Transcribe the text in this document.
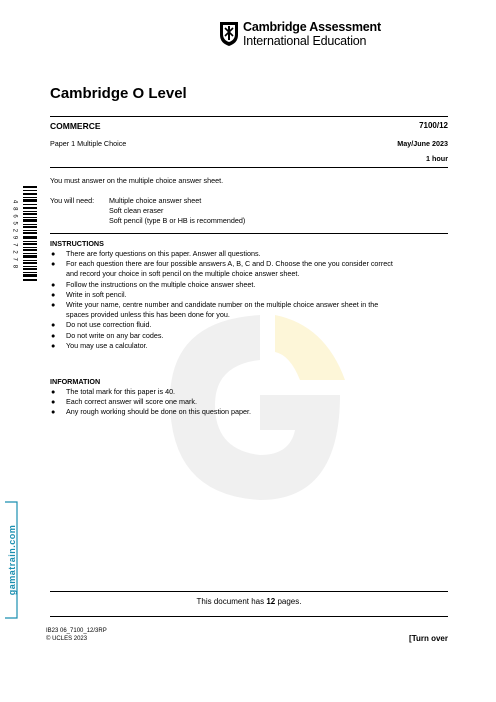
Cambridge Assessment
International Education
gamatrain.com
Cambridge O Level
COMMERCE	7100/12
Paper 1 Multiple Choice	May/June 2023
1 hour
You must answer on the multiple choice answer sheet.
You will need: Multiple choice answer sheet
Soft clean eraser
Soft pencil (type B or HB is recommended)
4 8 6 5 2 9 7 2 7 8	INSTRUCTIONS
● There are forty questions on this paper. Answer all questions.
● For each question there are four possible answers A, B, C and D. Choose the one you consider correct
and record your choice in soft pencil on the multiple choice answer sheet.
● Follow the instructions on the multiple choice answer sheet.
● Write in soft pencil.
● Write your name, centre number and candidate number on the multiple choice answer sheet in the
spaces provided unless this has been done for you.
● Do not use correction fluid.
● Do not write on any bar codes.
● You may use a calculator.
INFORMATION
● The total mark for this paper is 40.
● Each correct answer will score one mark.
● Any rough working should be done on this question paper.
This document has 12 pages.
IB23 06_7100_12/3RP
© UCLES 2023	[Turn over
